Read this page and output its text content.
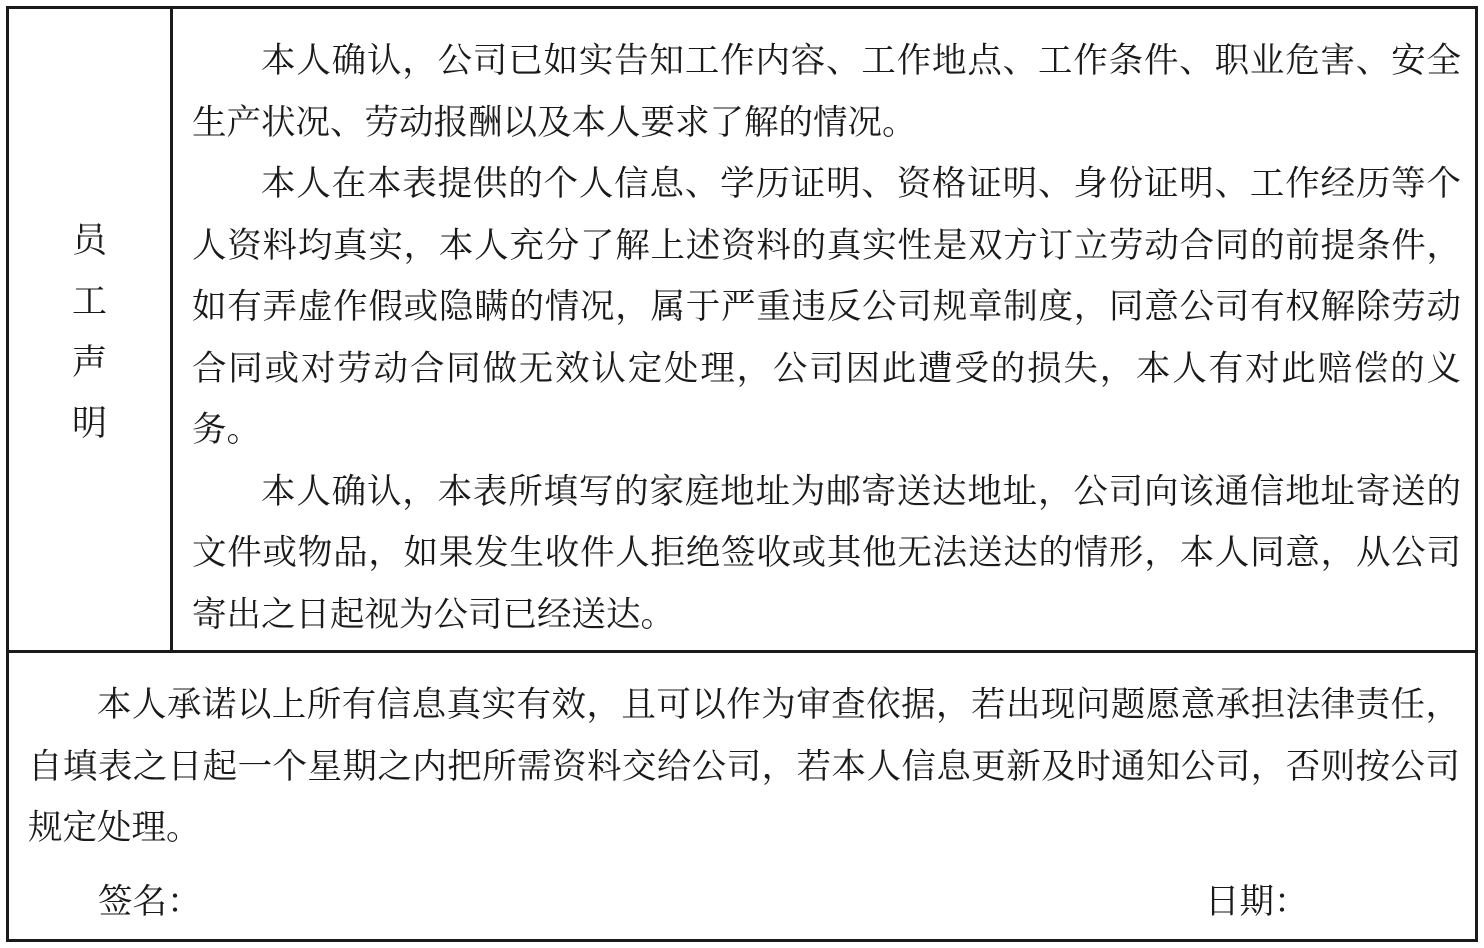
员
工
声
明

本人确认，公司已如实告知工作内容、工作地点、工作条件、职业危害、安全生产状况、劳动报酬以及本人要求了解的情况。

本人在本表提供的个人信息、学历证明、资格证明、身份证明、工作经历等个人资料均真实，本人充分了解上述资料的真实性是双方订立劳动合同的前提条件，如有弄虚作假或隐瞒的情况，属于严重违反公司规章制度，同意公司有权解除劳动合同或对劳动合同做无效认定处理，公司因此遭受的损失，本人有对此赔偿的义务。

本人确认，本表所填写的家庭地址为邮寄送达地址，公司向该通信地址寄送的文件或物品，如果发生收件人拒绝签收或其他无法送达的情形，本人同意，从公司寄出之日起视为公司已经送达。

本人承诺以上所有信息真实有效，且可以作为审查依据，若出现问题愿意承担法律责任，自填表之日起一个星期之内把所需资料交给公司，若本人信息更新及时通知公司，否则按公司规定处理。

签名：	日期：
